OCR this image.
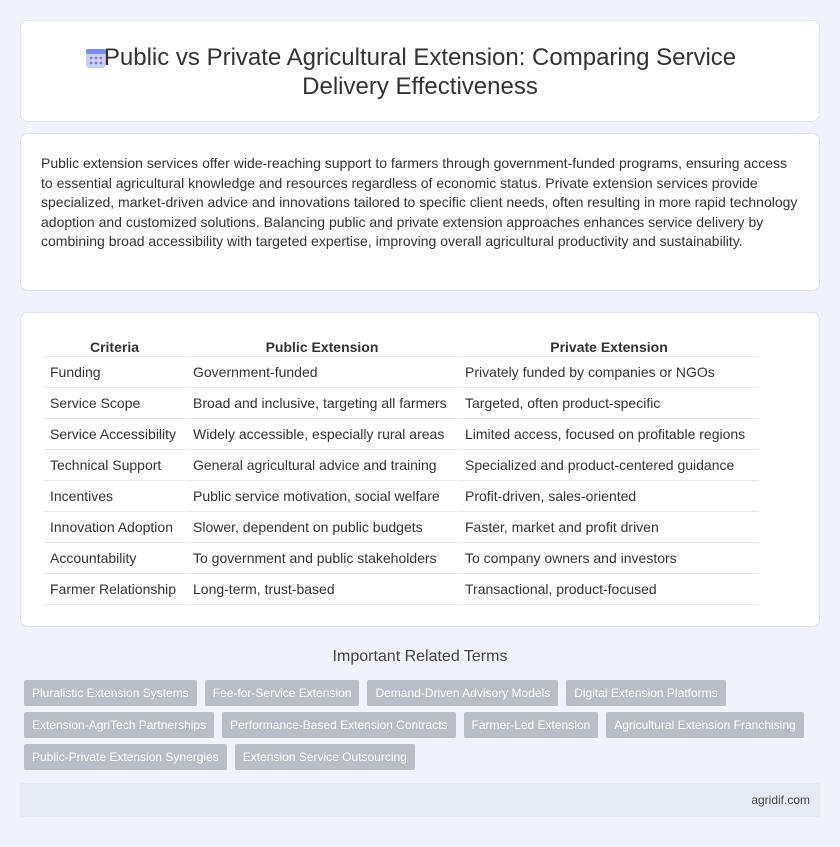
Public vs Private Agricultural Extension: Comparing Service
Delivery Effectiveness

Public extension services offer wide-reaching support to farmers through government-funded programs, ensuring access to essential agricultural knowledge and resources regardless of economic status. Private extension services provide specialized, market-driven advice and innovations tailored to specific client needs, often resulting in more rapid technology adoption and customized solutions. Balancing public and private extension approaches enhances service delivery by combining broad accessibility with targeted expertise, improving overall agricultural productivity and sustainability.

Criteria	Public Extension	Private Extension
Funding	Government-funded	Privately funded by companies or NGOs
Service Scope	Broad and inclusive, targeting all farmers	Targeted, often product-specific
Service Accessibility	Widely accessible, especially rural areas	Limited access, focused on profitable regions
Technical Support	General agricultural advice and training	Specialized and product-centered guidance
Incentives	Public service motivation, social welfare	Profit-driven, sales-oriented
Innovation Adoption	Slower, dependent on public budgets	Faster, market and profit driven
Accountability	To government and public stakeholders	To company owners and investors
Farmer Relationship	Long-term, trust-based	Transactional, product-focused
Important Related Terms
Pluralistic Extension Systems	Fee-for-Service Extension	Demand-Driven Advisory Models	Digital Extension Platforms
Extension-AgriTech Partnerships	Performance-Based Extension Contracts	Farmer-Led Extension	Agricultural Extension Franchising
Public-Private Extension Synergies	Extension Service Outsourcing
agridif.com
